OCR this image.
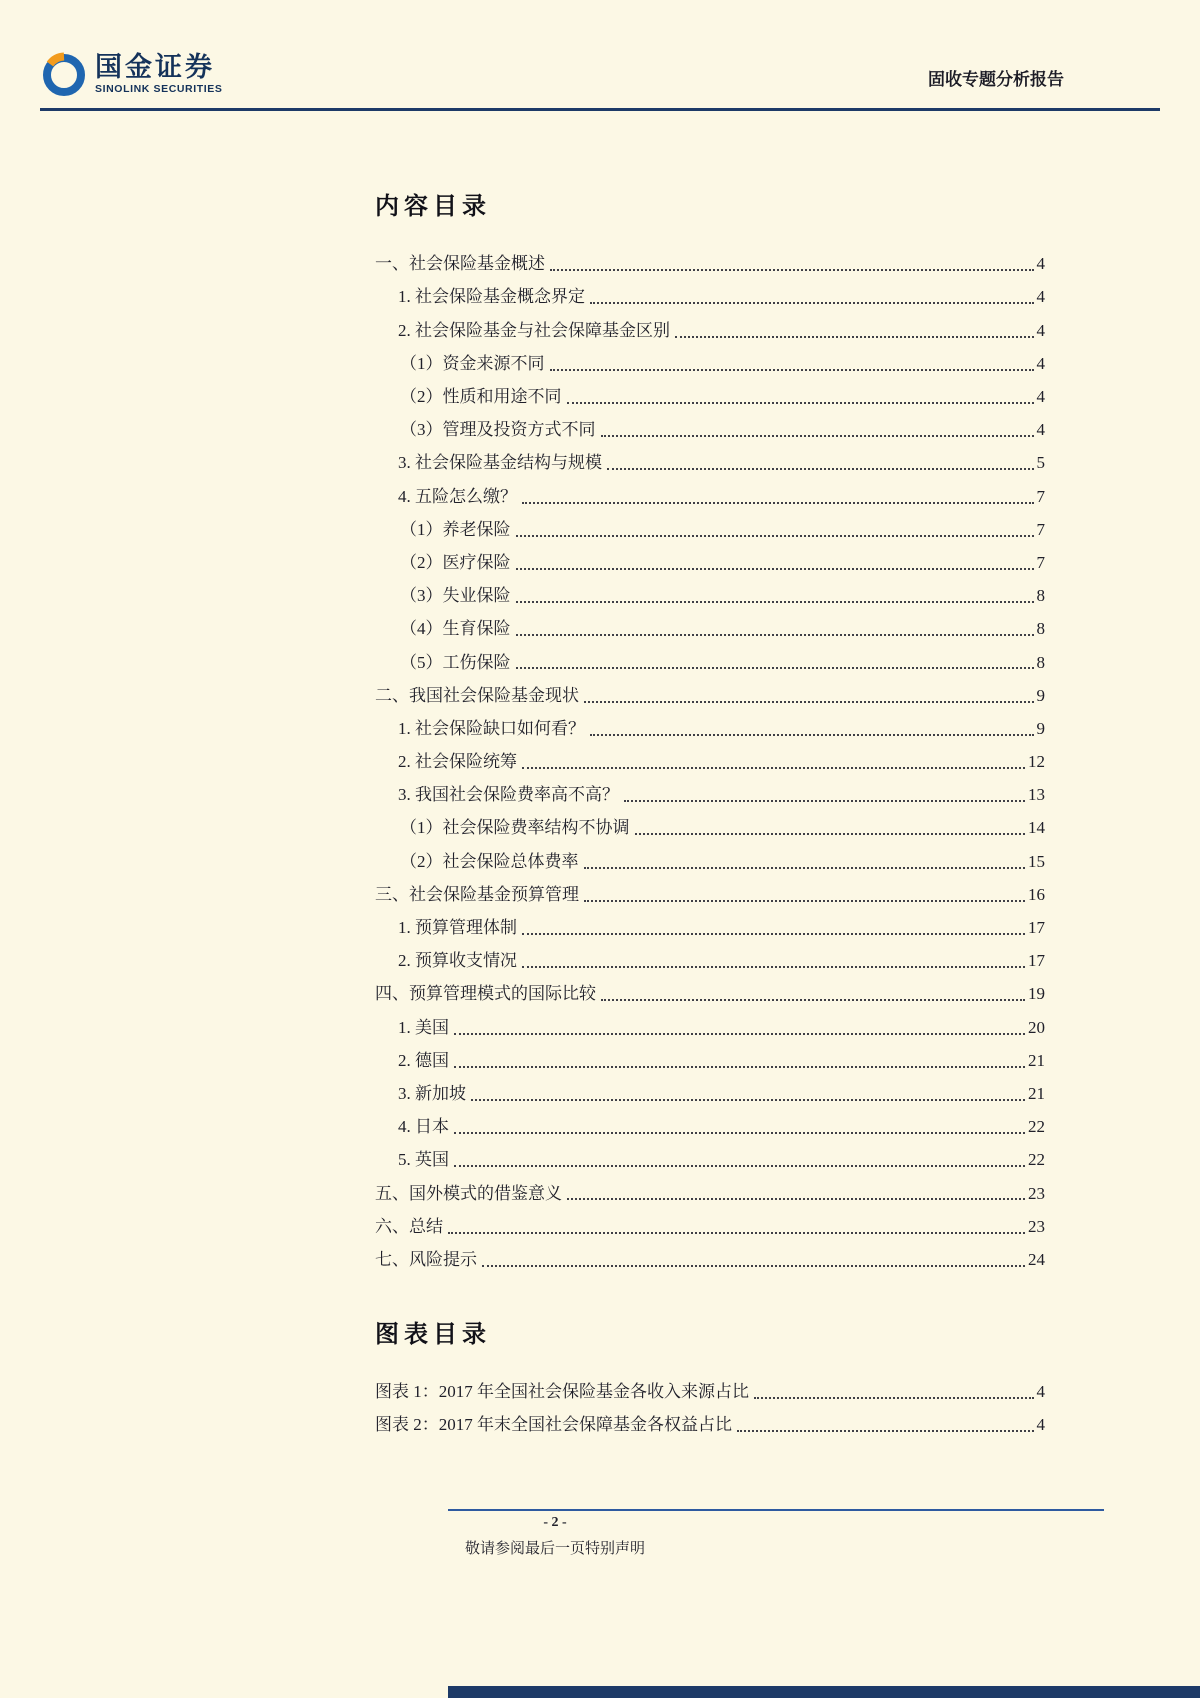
国金证券
SINOLINK SECURITIES	固收专题分析报告
内容目录
一、社会保险基金概述	4
1. 社会保险基金概念界定	4
2. 社会保险基金与社会保障基金区别	4
（1）资金来源不同	4
（2）性质和用途不同	4
（3）管理及投资方式不同	4
3. 社会保险基金结构与规模	5
4. 五险怎么缴？	7
（1）养老保险	7
（2）医疗保险	7
（3）失业保险	8
（4）生育保险	8
（5）工伤保险	8
二、我国社会保险基金现状	9
1. 社会保险缺口如何看？	9
2. 社会保险统筹	12
3. 我国社会保险费率高不高？	13
（1）社会保险费率结构不协调	14
（2）社会保险总体费率	15
三、社会保险基金预算管理	16
1. 预算管理体制	17
2. 预算收支情况	17
四、预算管理模式的国际比较	19
1. 美国	20
2. 德国	21
3. 新加坡	21
4. 日本	22
5. 英国	22
五、国外模式的借鉴意义	23
六、总结	23
七、风险提示	24
图表目录
图表 1：2017 年全国社会保险基金各收入来源占比	4
图表 2：2017 年末全国社会保障基金各权益占比	4
- 2 -
敬请参阅最后一页特别声明
